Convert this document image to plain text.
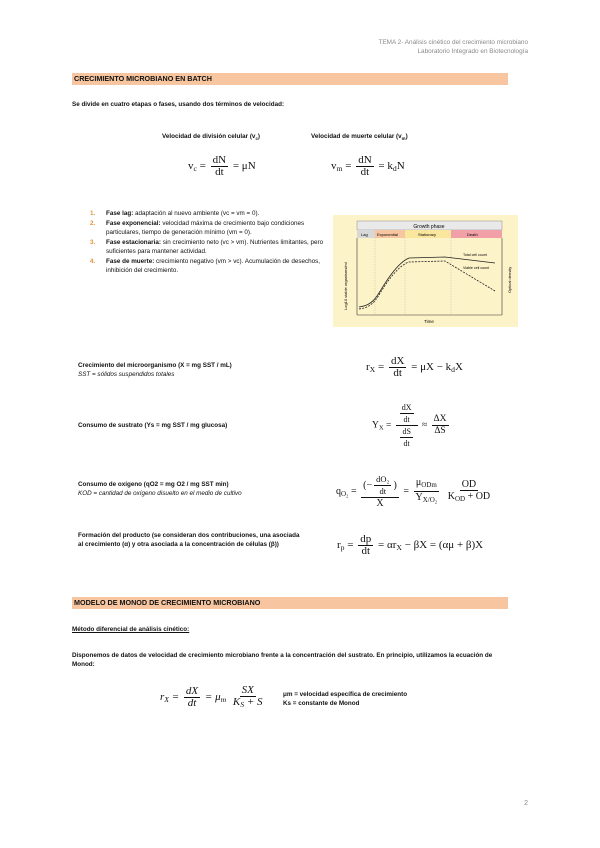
TEMA 2- Análisis cinético del crecimiento microbiano
Laboratorio Integrado en Biotecnología
CRECIMIENTO MICROBIANO EN BATCH
Se divide en cuatro etapas o fases, usando dos términos de velocidad:
Velocidad de división celular $(v_c)$	Velocidad de muerte celular $(v_m)$
$v_c = \frac{dN}{dt} = \mu N$	$v_m = \frac{dN}{dt} = k_dN$
1.	Fase lag: adaptación al nuevo ambiente (vc = vm = 0).
2.	Fase exponencial: velocidad máxima de crecimiento bajo condiciones particulares, tiempo de generación mínimo (vm = 0).
3.	Fase estacionaria: sin crecimiento neto (vc > vm). Nutrientes limitantes, pero suficientes para mantener actividad.
4.	Fase de muerte: crecimiento negativo (vm > vc). Acumulación de desechos, inhibición del crecimiento.
Growth phase
Lag Exponential	Stationary	Death
Total cell count
Viable cell count
Time
Log10 viable organisms/ml	Optical density
Crecimiento del microorganismo (X = mg SST / mL)
SST = sólidos suspendidos totales
$r_X = \frac{dX}{dt} = \mu X - k_dX$
Consumo de sustrato (Ys = mg SST / mg glucosa)	$Y_X = \frac{\frac{dX}{dt}}{\frac{dS}{dt}} \approx \frac{\Delta X}{\Delta S}$
Consumo de oxígeno (qO2 = mg O2 / mg SST min)
KOD = cantidad de oxígeno disuelto en el medio de cultivo	$q_{O_2} = \frac{(- \frac{\text{dO₂}}{dt} )}{X} = \frac{\mu_{ODm}}{Y_{X/O_2}}$
$\frac{OD}{K_{OD} + OD}$
Formación del producto (se consideran dos contribuciones, una asociada al crecimiento (α) y otra asociada a la concentración de células (β))	$r_p = \frac{dp}{dt} = \alpha r_X - \beta X = (\alpha\mu + \beta)X$
MODELO DE MONOD DE CRECIMIENTO MICROBIANO
Método diferencial de análisis cinético:
Disponemos de datos de velocidad de crecimiento microbiano frente a la concentración del sustrato. En principio, utilizamos la ecuación de Monod:
$r_X = \frac{dX}{dt} = \mu_m \frac{SX}{K_S + S}$	μm = velocidad específica de crecimiento
Ks = constante de Monod
2
